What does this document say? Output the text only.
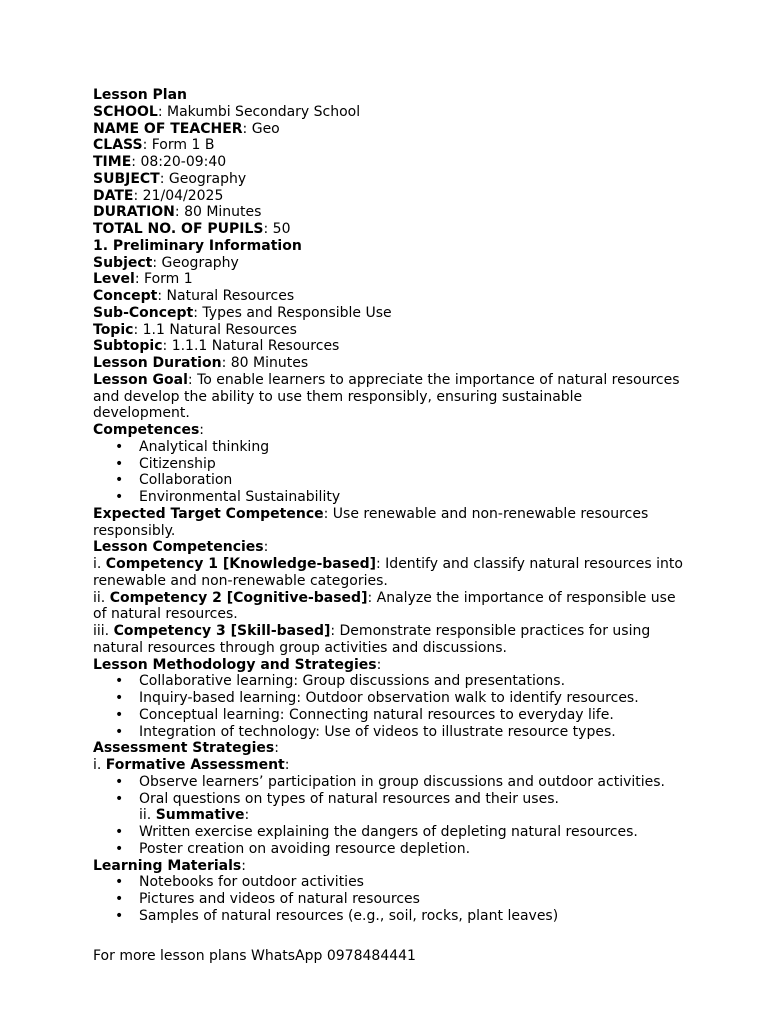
Lesson Plan

SCHOOL: Makumbi Secondary School

NAME OF TEACHER: Geo

CLASS: Form 1 B

TIME: 08:20-09:40

SUBJECT: Geography

DATE: 21/04/2025

DURATION: 80 Minutes

TOTAL NO. OF PUPILS: 50

1. Preliminary Information

Subject: Geography

Level: Form 1

Concept: Natural Resources

Sub-Concept: Types and Responsible Use

Topic: 1.1 Natural Resources

Subtopic: 1.1.1 Natural Resources

Lesson Duration: 80 Minutes

Lesson Goal: To enable learners to appreciate the importance of natural resources and develop the ability to use them responsibly, ensuring sustainable development.

Competences:

• Analytical thinking
• Citizenship
• Collaboration
• Environmental Sustainability

Expected Target Competence: Use renewable and non-renewable resources responsibly.

Lesson Competencies:

i. Competency 1 [Knowledge-based]: Identify and classify natural resources into renewable and non-renewable categories.

ii. Competency 2 [Cognitive-based]: Analyze the importance of responsible use of natural resources.

iii. Competency 3 [Skill-based]: Demonstrate responsible practices for using natural resources through group activities and discussions.

Lesson Methodology and Strategies:

• Collaborative learning: Group discussions and presentations.
• Inquiry-based learning: Outdoor observation walk to identify resources.
• Conceptual learning: Connecting natural resources to everyday life.
• Integration of technology: Use of videos to illustrate resource types.

Assessment Strategies:

i. Formative Assessment:

• Observe learners’ participation in group discussions and outdoor activities.
• Oral questions on types of natural resources and their uses.

ii. Summative:

• Written exercise explaining the dangers of depleting natural resources.
• Poster creation on avoiding resource depletion.

Learning Materials:

• Notebooks for outdoor activities
• Pictures and videos of natural resources
• Samples of natural resources (e.g., soil, rocks, plant leaves)

For more lesson plans WhatsApp 0978484441
